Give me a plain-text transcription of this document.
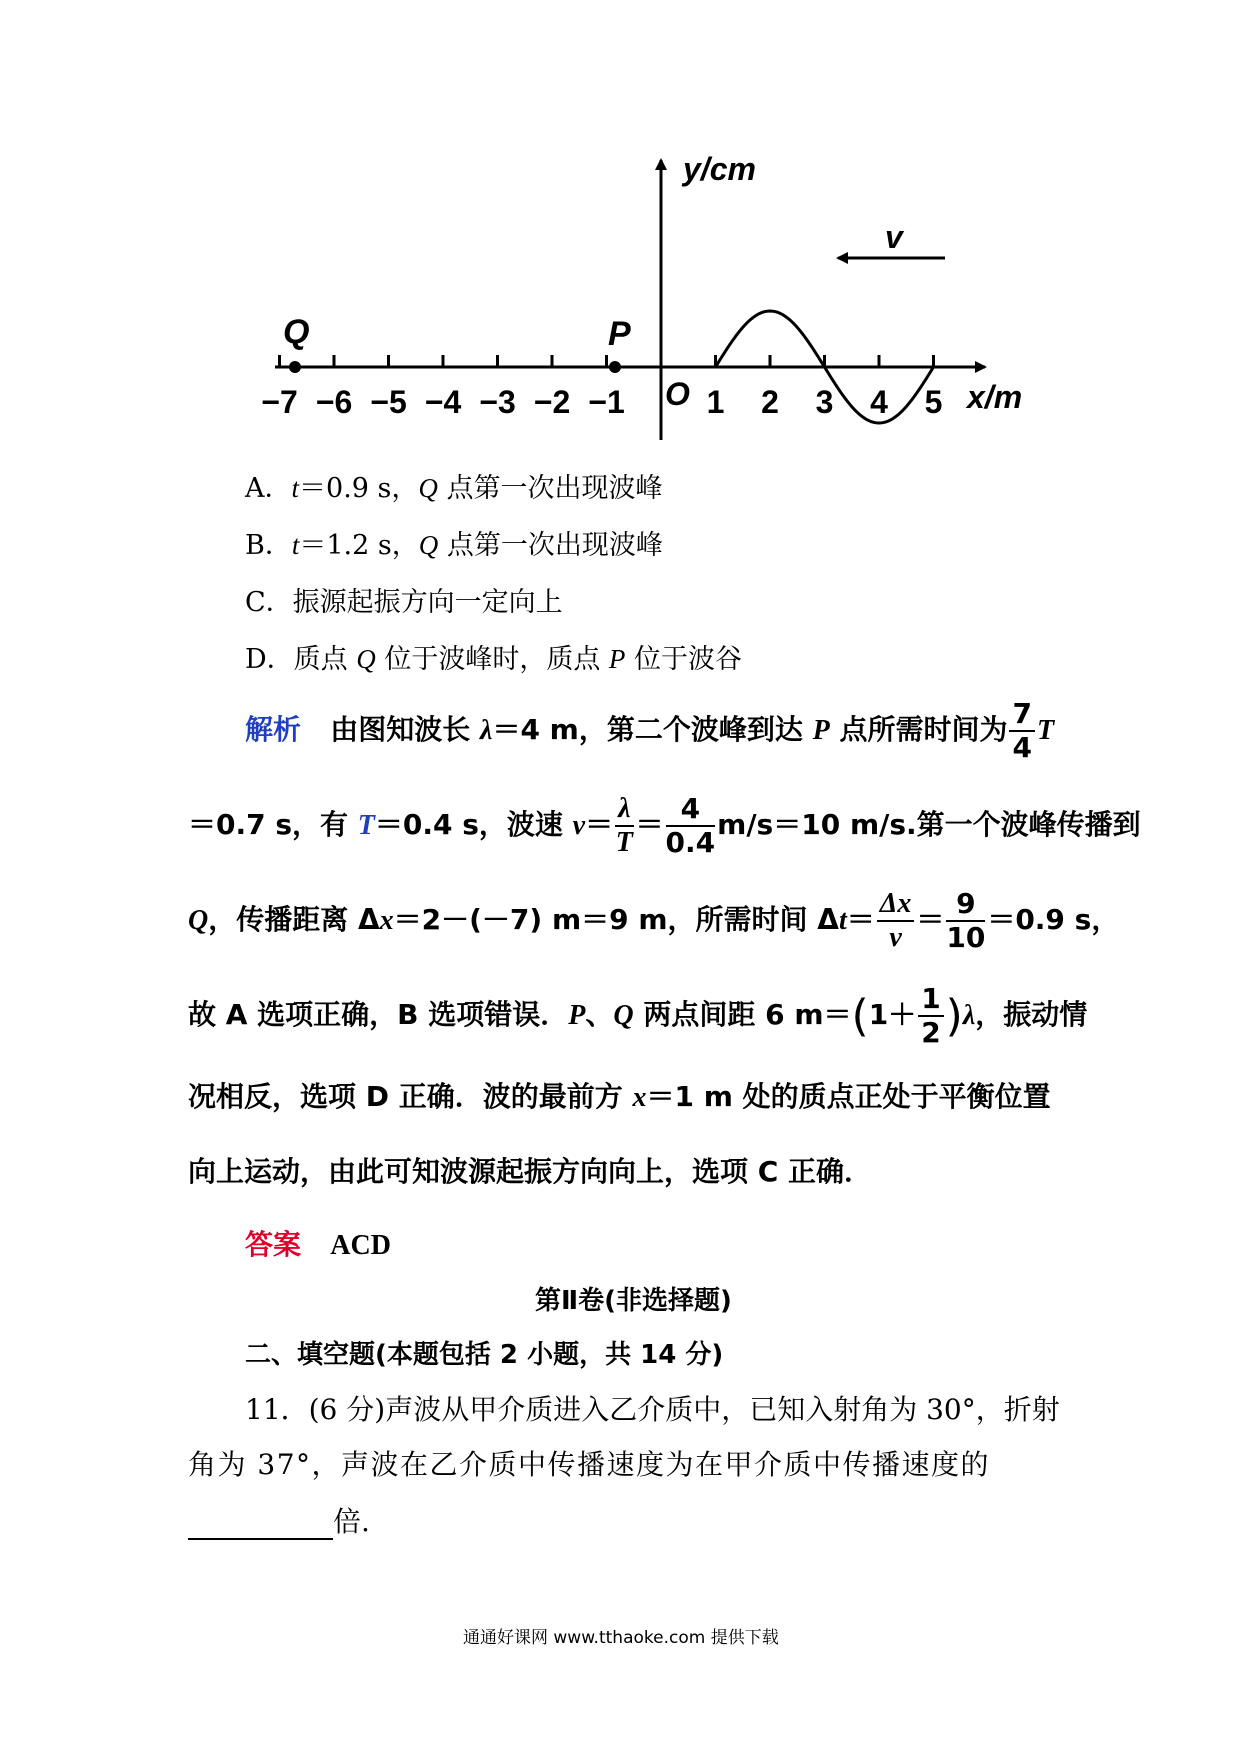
−7 −6 −5 −4 −3 −2 −1	1 2 3 4 5
Q	P
O
y/cm
x/m
v
A．t＝0.9 s，Q 点第一次出现波峰
B．t＝1.2 s，Q 点第一次出现波峰
C．振源起振方向一定向上
D．质点 Q 位于波峰时，质点 P 位于波谷
解析 由图知波长 λ＝4 m，第二个波峰到达 P 点所需时间为 $\frac{7}{4}$ T
＝0.7 s，有 T＝0.4 s，波速 $v= \frac{\lambda}{T} = \frac{4}{0.4} m/s=10$ m/s.第一个波峰传播到
Q，传播距离 Δx＝2－(－7) m＝9 m，所需时间 $\Delta t= \frac{\Delta x}{v} = \frac{9}{10} =0.9$ s，
故 A 选项正确，B 选项错误．P、Q 两点间距 6 $m=(1+ \frac{1}{2} )\lambda$，振动情
况相反，选项 D 正确．波的最前方 x＝1 m 处的质点正处于平衡位置
向上运动，由此可知波源起振方向向上，选项 C 正确．
答案 ACD
第Ⅱ卷(非选择题)
二、填空题(本题包括 2 小题，共 14 分)
11．(6 分)声波从甲介质进入乙介质中，已知入射角为 30°，折射
角为 37°，声波在乙介质中传播速度为在甲介质中传播速度的
倍.
通通好课网 www.tthaoke.com 提供下载
